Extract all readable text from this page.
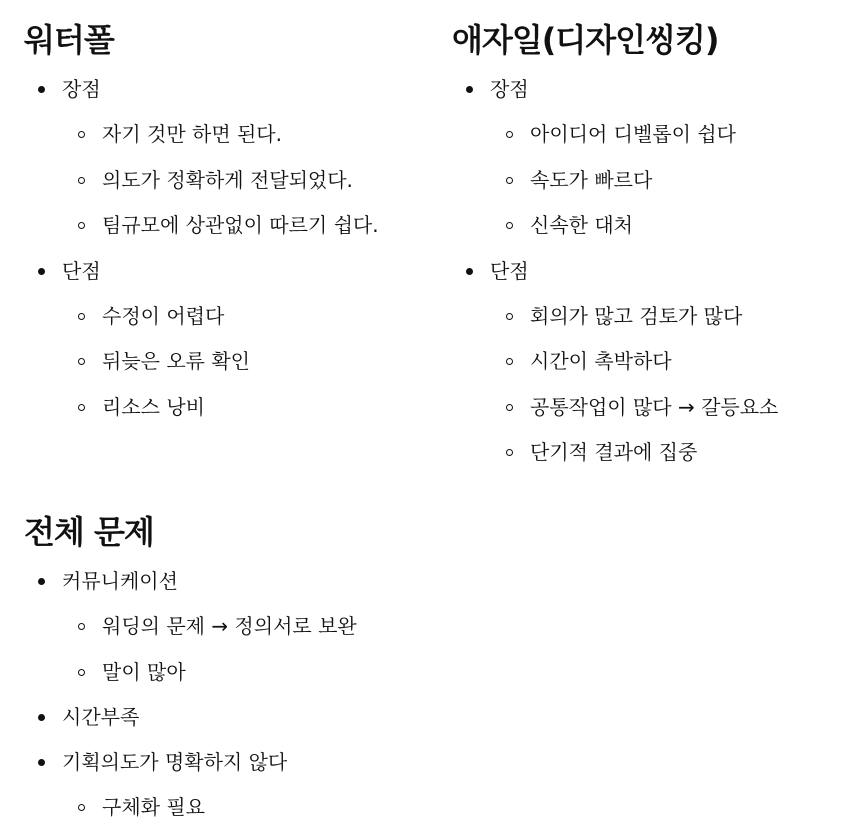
워터폴
장점
자기 것만 하면 된다.
의도가 정확하게 전달되었다.
팀규모에 상관없이 따르기 쉽다.
단점
수정이 어렵다
뒤늦은 오류 확인
리소스 낭비
애자일(디자인씽킹)
장점
아이디어 디벨롭이 쉽다
속도가 빠르다
신속한 대처
단점
회의가 많고 검토가 많다
시간이 촉박하다
공통작업이 많다 → 갈등요소
단기적 결과에 집중
전체 문제
커뮤니케이션
워딩의 문제 → 정의서로 보완
말이 많아
시간부족
기획의도가 명확하지 않다
구체화 필요
